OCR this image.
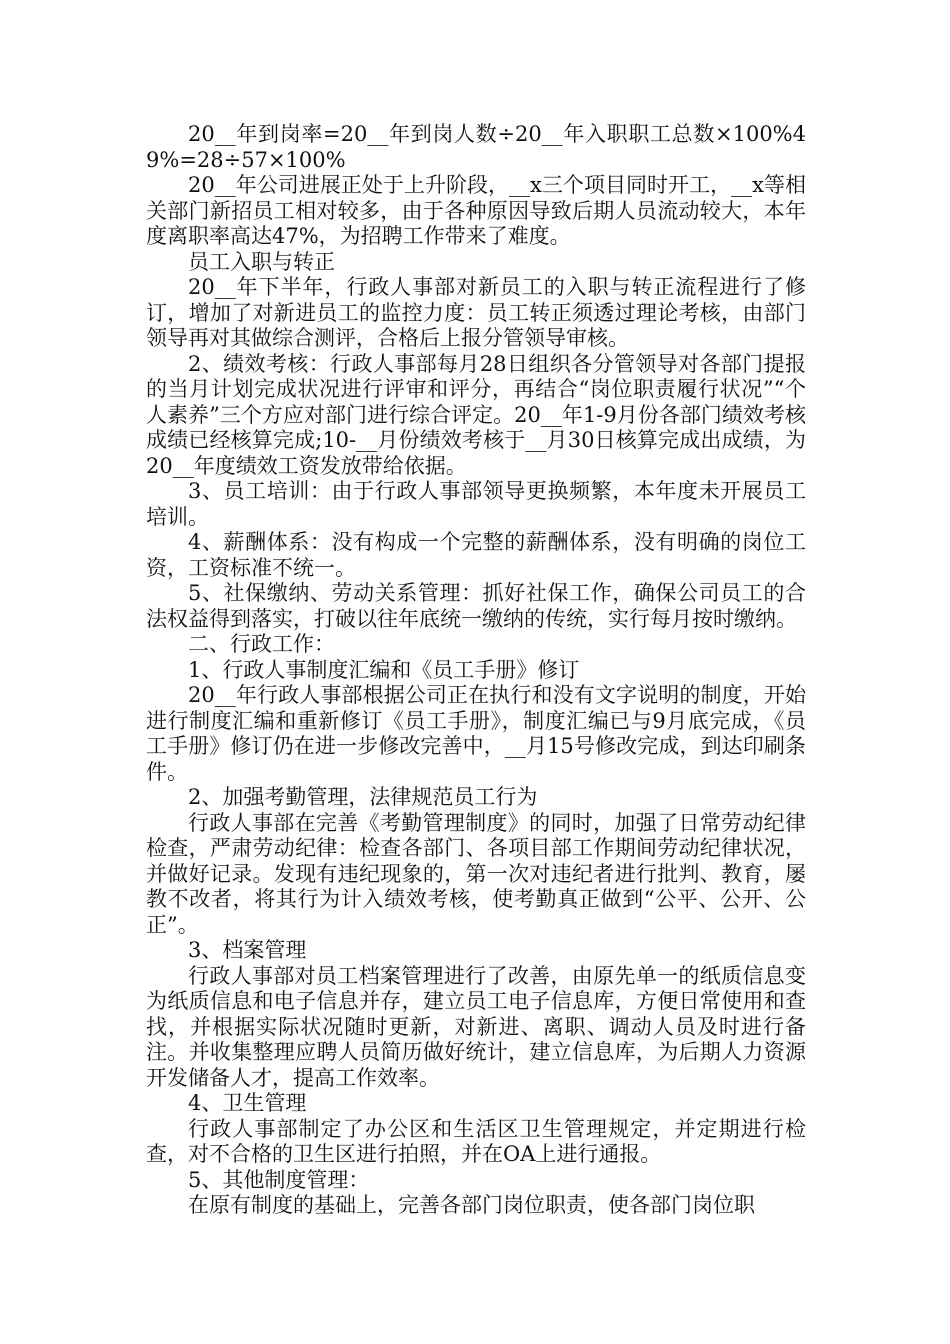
20__年到岗率=20__年到岗人数÷20__年入职职工总数×100%49%=28÷57×100%

20__年公司进展正处于上升阶段，__x三个项目同时开工，__x等相关部门新招员工相对较多，由于各种原因导致后期人员流动较大，本年度离职率高达47%，为招聘工作带来了难度。

员工入职与转正

20__年下半年，行政人事部对新员工的入职与转正流程进行了修订，增加了对新进员工的监控力度：员工转正须透过理论考核，由部门领导再对其做综合测评，合格后上报分管领导审核。

2、绩效考核：行政人事部每月28日组织各分管领导对各部门提报的当月计划完成状况进行评审和评分，再结合“岗位职责履行状况”“个人素养”三个方应对部门进行综合评定。20__年1-9月份各部门绩效考核成绩已经核算完成;10-__月份绩效考核于__月30日核算完成出成绩，为20__年度绩效工资发放带给依据。

3、员工培训：由于行政人事部领导更换频繁，本年度未开展员工培训。

4、薪酬体系：没有构成一个完整的薪酬体系，没有明确的岗位工资，工资标准不统一。

5、社保缴纳、劳动关系管理：抓好社保工作，确保公司员工的合法权益得到落实，打破以往年底统一缴纳的传统，实行每月按时缴纳。

二、行政工作：

1、行政人事制度汇编和《员工手册》修订

20__年行政人事部根据公司正在执行和没有文字说明的制度，开始进行制度汇编和重新修订《员工手册》，制度汇编已与9月底完成，《员工手册》修订仍在进一步修改完善中，__月15号修改完成，到达印刷条件。

2、加强考勤管理，法律规范员工行为

行政人事部在完善《考勤管理制度》的同时，加强了日常劳动纪律检查，严肃劳动纪律：检查各部门、各项目部工作期间劳动纪律状况，并做好记录。发现有违纪现象的，第一次对违纪者进行批判、教育，屡教不改者，将其行为计入绩效考核，使考勤真正做到“公平、公开、公正”。

3、档案管理

行政人事部对员工档案管理进行了改善，由原先单一的纸质信息变为纸质信息和电子信息并存，建立员工电子信息库，方便日常使用和查找，并根据实际状况随时更新，对新进、离职、调动人员及时进行备注。并收集整理应聘人员简历做好统计，建立信息库，为后期人力资源开发储备人才，提高工作效率。

4、卫生管理

行政人事部制定了办公区和生活区卫生管理规定，并定期进行检查，对不合格的卫生区进行拍照，并在OA上进行通报。

5、其他制度管理：

在原有制度的基础上，完善各部门岗位职责，使各部门岗位职
